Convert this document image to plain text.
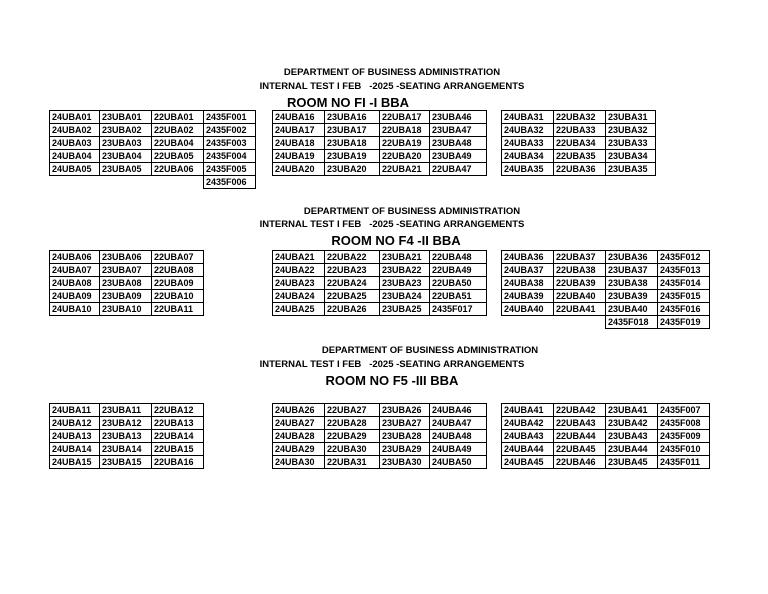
DEPARTMENT OF BUSINESS ADMINISTRATION
INTERNAL TEST I FEB   -2025 -SEATING ARRANGEMENTS
ROOM NO FI -I BBA
24UBA01	23UBA01	22UBA01	2435F001
24UBA02	23UBA02	22UBA02	2435F002
24UBA03	23UBA03	22UBA04	2435F003
24UBA04	23UBA04	22UBA05	2435F004
24UBA05	23UBA05	22UBA06	2435F005
			2435F006
24UBA16	23UBA16	22UBA17	23UBA46
24UBA17	23UBA17	22UBA18	23UBA47
24UBA18	23UBA18	22UBA19	23UBA48
24UBA19	23UBA19	22UBA20	23UBA49
24UBA20	23UBA20	22UBA21	22UBA47
24UBA31	22UBA32	23UBA31
24UBA32	22UBA33	23UBA32
24UBA33	22UBA34	23UBA33
24UBA34	22UBA35	23UBA34
24UBA35	22UBA36	23UBA35
DEPARTMENT OF BUSINESS ADMINISTRATION
INTERNAL TEST I FEB   -2025 -SEATING ARRANGEMENTS
ROOM NO F4 -II BBA
24UBA06	23UBA06	22UBA07
24UBA07	23UBA07	22UBA08
24UBA08	23UBA08	22UBA09
24UBA09	23UBA09	22UBA10
24UBA10	23UBA10	22UBA11
24UBA21	22UBA22	23UBA21	22UBA48
24UBA22	22UBA23	23UBA22	22UBA49
24UBA23	22UBA24	23UBA23	22UBA50
24UBA24	22UBA25	23UBA24	22UBA51
24UBA25	22UBA26	23UBA25	2435F017
24UBA36	22UBA37	23UBA36	2435F012
24UBA37	22UBA38	23UBA37	2435F013
24UBA38	22UBA39	23UBA38	2435F014
24UBA39	22UBA40	23UBA39	2435F015
24UBA40	22UBA41	23UBA40	2435F016
		2435F018	2435F019
DEPARTMENT OF BUSINESS ADMINISTRATION
INTERNAL TEST I FEB   -2025 -SEATING ARRANGEMENTS
ROOM NO F5 -III BBA
24UBA11	23UBA11	22UBA12
24UBA12	23UBA12	22UBA13
24UBA13	23UBA13	22UBA14
24UBA14	23UBA14	22UBA15
24UBA15	23UBA15	22UBA16
24UBA26	22UBA27	23UBA26	24UBA46
24UBA27	22UBA28	23UBA27	24UBA47
24UBA28	22UBA29	23UBA28	24UBA48
24UBA29	22UBA30	23UBA29	24UBA49
24UBA30	22UBA31	23UBA30	24UBA50
24UBA41	22UBA42	23UBA41	2435F007
24UBA42	22UBA43	23UBA42	2435F008
24UBA43	22UBA44	23UBA43	2435F009
24UBA44	22UBA45	23UBA44	2435F010
24UBA45	22UBA46	23UBA45	2435F011
